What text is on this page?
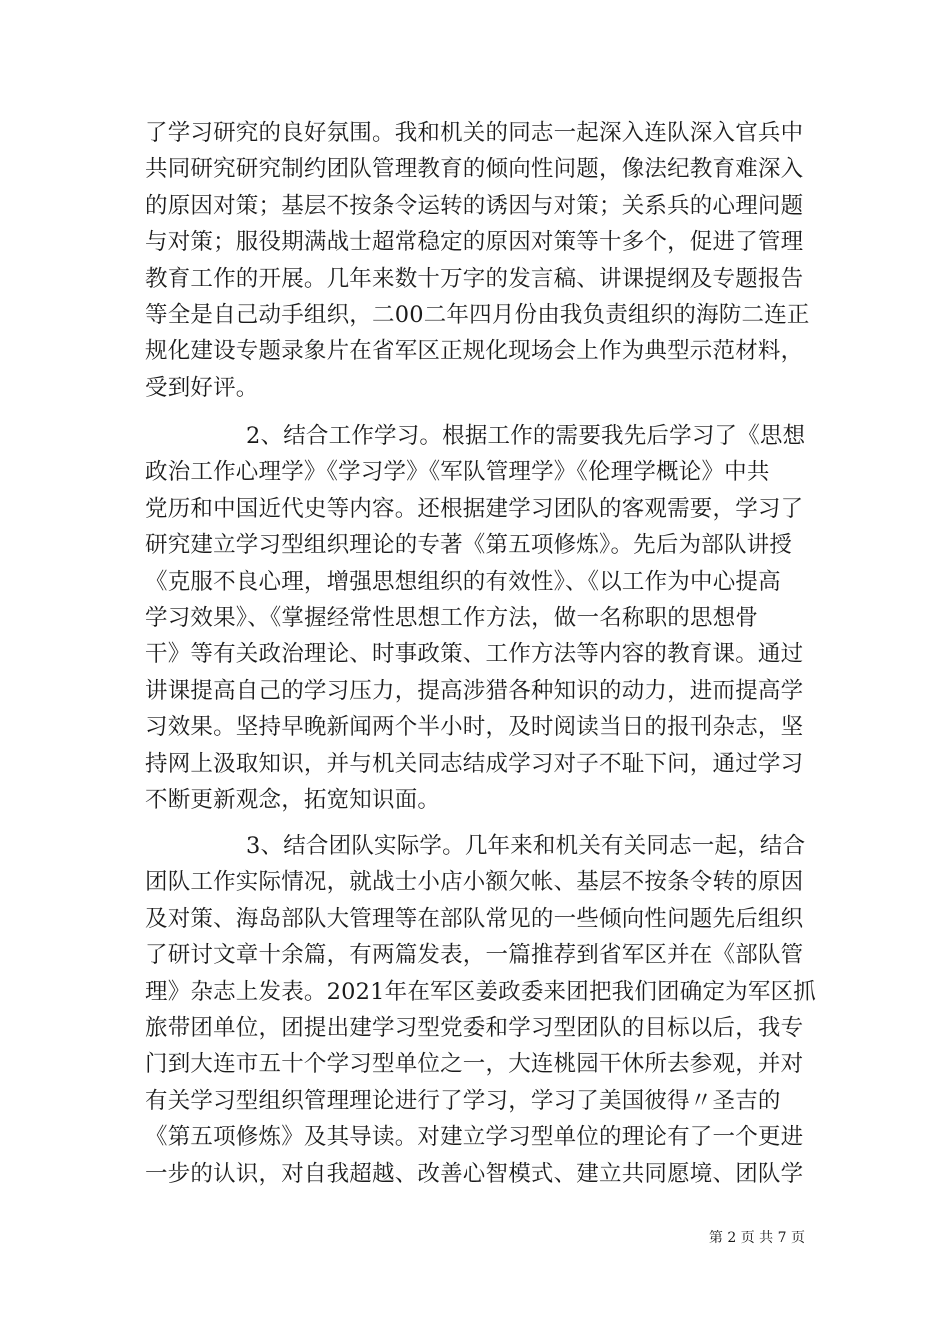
了学习研究的良好氛围。我和机关的同志一起深入连队深入官兵中
共同研究研究制约团队管理教育的倾向性问题，像法纪教育难深入
的原因对策；基层不按条令运转的诱因与对策；关系兵的心理问题
与对策；服役期满战士超常稳定的原因对策等十多个，促进了管理
教育工作的开展。几年来数十万字的发言稿、讲课提纲及专题报告
等全是自己动手组织，二00二年四月份由我负责组织的海防二连正
规化建设专题录象片在省军区正规化现场会上作为典型示范材料，
受到好评。
2、结合工作学习。根据工作的需要我先后学习了《思想
政治工作心理学》《学习学》《军队管理学》《伦理学概论》中共
党历和中国近代史等内容。还根据建学习团队的客观需要，学习了
研究建立学习型组织理论的专著《第五项修炼》。先后为部队讲授
《克服不良心理，增强思想组织的有效性》、《以工作为中心提高
学习效果》、《掌握经常性思想工作方法，做一名称职的思想骨
干》等有关政治理论、时事政策、工作方法等内容的教育课。通过
讲课提高自己的学习压力，提高涉猎各种知识的动力，进而提高学
习效果。坚持早晚新闻两个半小时，及时阅读当日的报刊杂志，坚
持网上汲取知识，并与机关同志结成学习对子不耻下问，通过学习
不断更新观念，拓宽知识面。
3、结合团队实际学。几年来和机关有关同志一起，结合
团队工作实际情况，就战士小店小额欠帐、基层不按条令转的原因
及对策、海岛部队大管理等在部队常见的一些倾向性问题先后组织
了研讨文章十余篇，有两篇发表，一篇推荐到省军区并在《部队管
理》杂志上发表。2021年在军区姜政委来团把我们团确定为军区抓
旅带团单位，团提出建学习型党委和学习型团队的目标以后，我专
门到大连市五十个学习型单位之一，大连桃园干休所去参观，并对
有关学习型组织管理理论进行了学习，学习了美国彼得〃圣吉的
《第五项修炼》及其导读。对建立学习型单位的理论有了一个更进
一步的认识，对自我超越、改善心智模式、建立共同愿境、团队学
第 2 页 共 7 页
